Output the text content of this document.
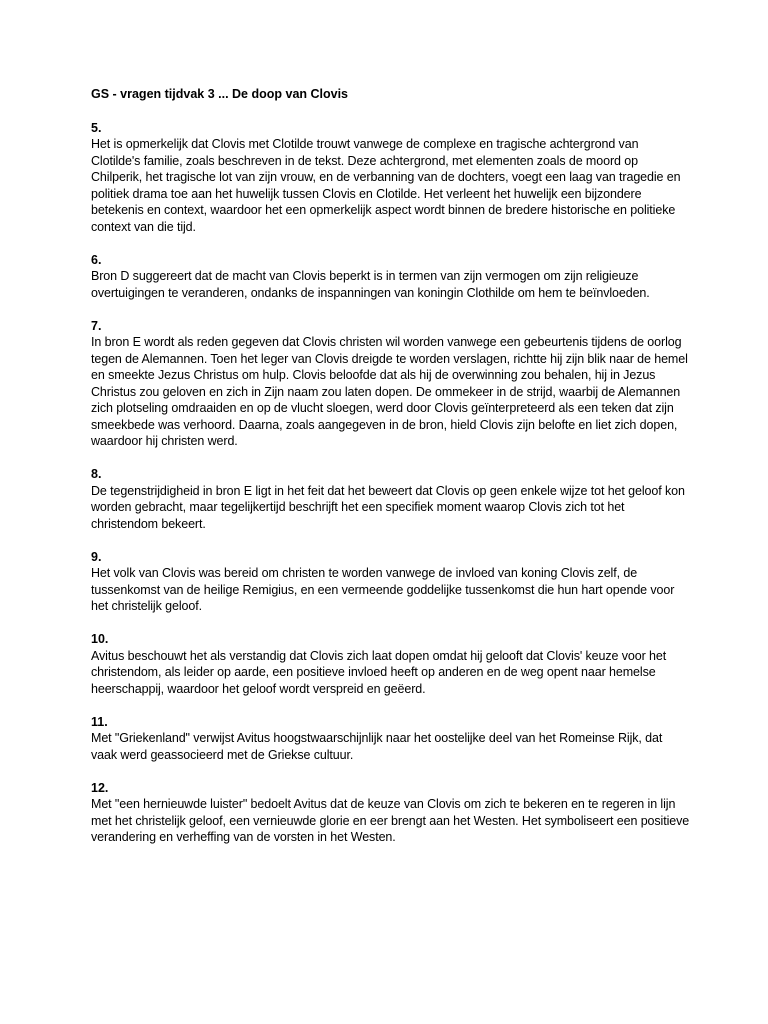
GS - vragen tijdvak 3 ... De doop van Clovis
5.

Het is opmerkelijk dat Clovis met Clotilde trouwt vanwege de complexe en tragische achtergrond van Clotilde's familie, zoals beschreven in de tekst. Deze achtergrond, met elementen zoals de moord op Chilperik, het tragische lot van zijn vrouw, en de verbanning van de dochters, voegt een laag van tragedie en politiek drama toe aan het huwelijk tussen Clovis en Clotilde. Het verleent het huwelijk een bijzondere betekenis en context, waardoor het een opmerkelijk aspect wordt binnen de bredere historische en politieke context van die tijd.

6.

Bron D suggereert dat de macht van Clovis beperkt is in termen van zijn vermogen om zijn religieuze overtuigingen te veranderen, ondanks de inspanningen van koningin Clothilde om hem te beïnvloeden.

7.

In bron E wordt als reden gegeven dat Clovis christen wil worden vanwege een gebeurtenis tijdens de oorlog tegen de Alemannen. Toen het leger van Clovis dreigde te worden verslagen, richtte hij zijn blik naar de hemel en smeekte Jezus Christus om hulp. Clovis beloofde dat als hij de overwinning zou behalen, hij in Jezus Christus zou geloven en zich in Zijn naam zou laten dopen. De ommekeer in de strijd, waarbij de Alemannen zich plotseling omdraaiden en op de vlucht sloegen, werd door Clovis geïnterpreteerd als een teken dat zijn smeekbede was verhoord. Daarna, zoals aangegeven in de bron, hield Clovis zijn belofte en liet zich dopen, waardoor hij christen werd.

8.

De tegenstrijdigheid in bron E ligt in het feit dat het beweert dat Clovis op geen enkele wijze tot het geloof kon worden gebracht, maar tegelijkertijd beschrijft het een specifiek moment waarop Clovis zich tot het christendom bekeert.

9.

Het volk van Clovis was bereid om christen te worden vanwege de invloed van koning Clovis zelf, de tussenkomst van de heilige Remigius, en een vermeende goddelijke tussenkomst die hun hart opende voor het christelijk geloof.

10.

Avitus beschouwt het als verstandig dat Clovis zich laat dopen omdat hij gelooft dat Clovis' keuze voor het christendom, als leider op aarde, een positieve invloed heeft op anderen en de weg opent naar hemelse heerschappij, waardoor het geloof wordt verspreid en geëerd.

11.

Met "Griekenland" verwijst Avitus hoogstwaarschijnlijk naar het oostelijke deel van het Romeinse Rijk, dat vaak werd geassocieerd met de Griekse cultuur.

12.

Met "een hernieuwde luister" bedoelt Avitus dat de keuze van Clovis om zich te bekeren en te regeren in lijn met het christelijk geloof, een vernieuwde glorie en eer brengt aan het Westen. Het symboliseert een positieve verandering en verheffing van de vorsten in het Westen.
